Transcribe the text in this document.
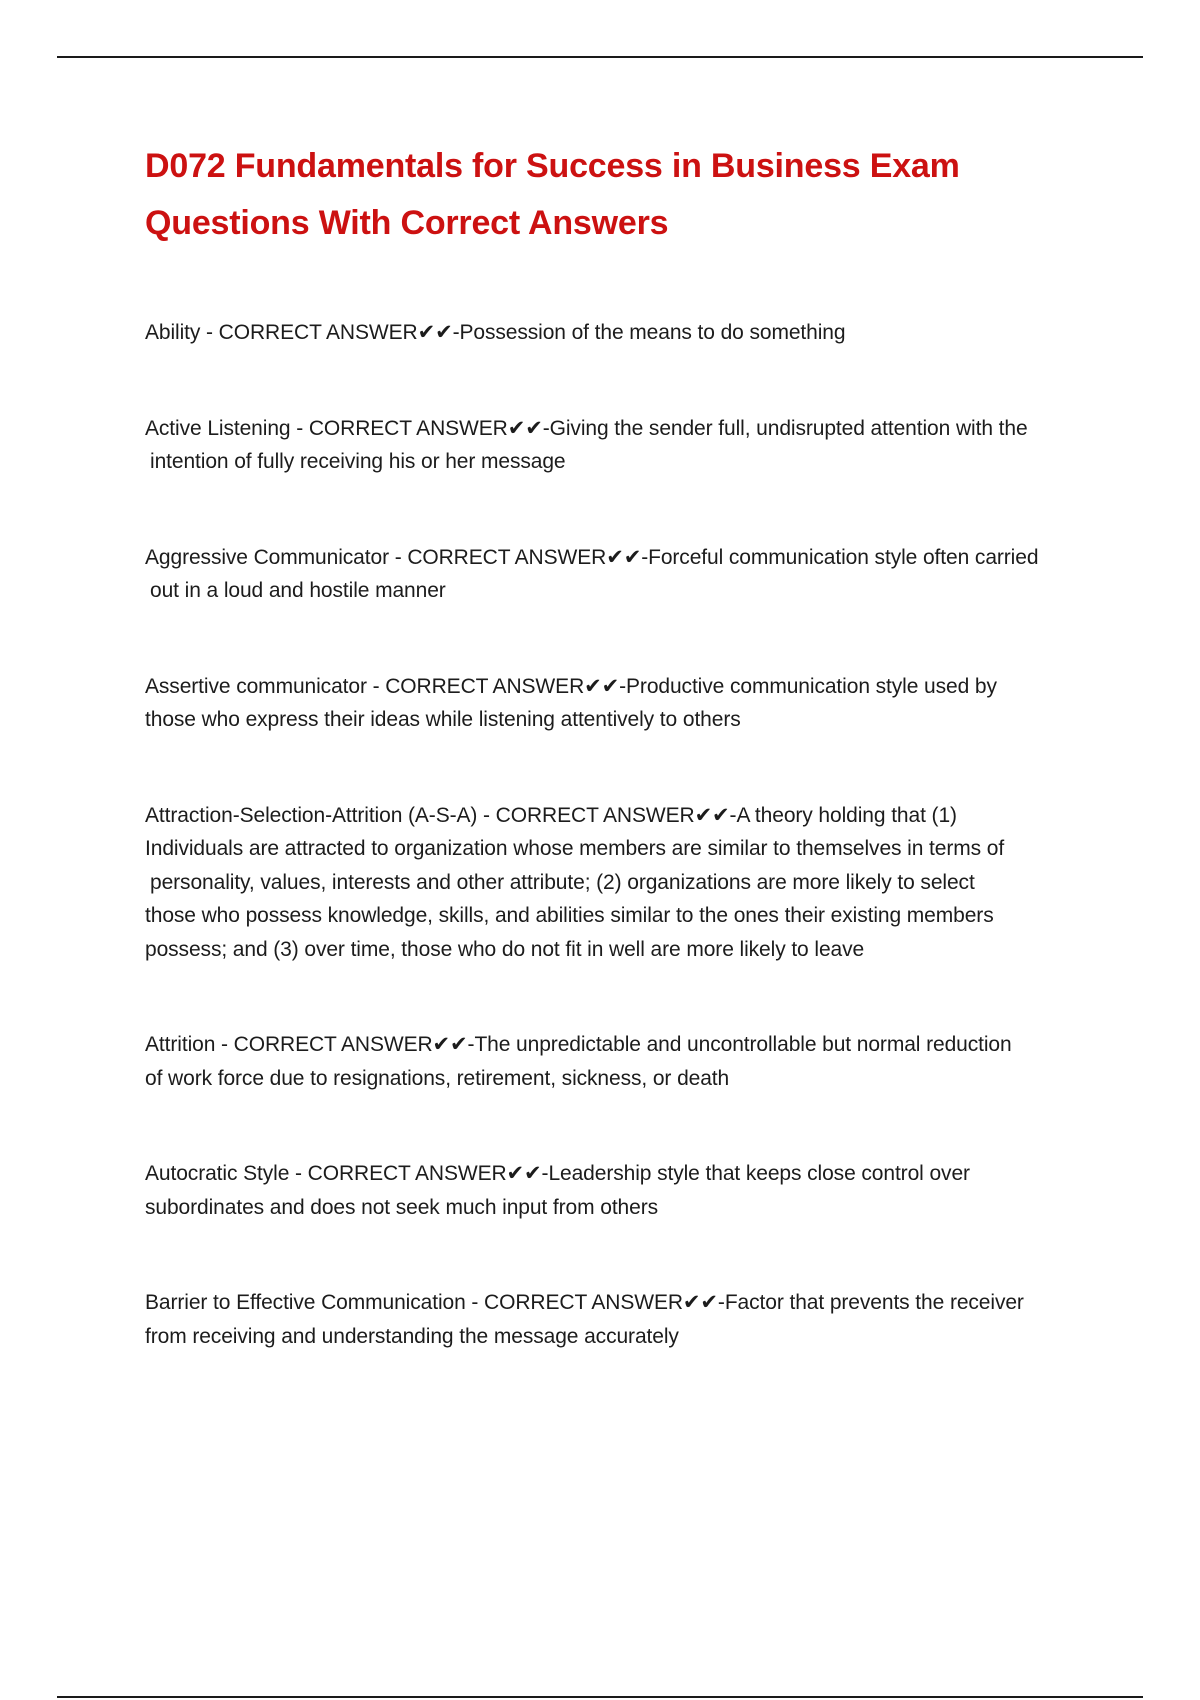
D072 Fundamentals for Success in Business Exam
Questions With Correct Answers

Ability - CORRECT ANSWER✔✔-Possession of the means to do something

Active Listening - CORRECT ANSWER✔✔-Giving the sender full, undisrupted attention with the
intention of fully receiving his or her message

Aggressive Communicator - CORRECT ANSWER✔✔-Forceful communication style often carried
out in a loud and hostile manner

Assertive communicator - CORRECT ANSWER✔✔-Productive communication style used by
those who express their ideas while listening attentively to others

Attraction-Selection-Attrition (A-S-A) - CORRECT ANSWER✔✔-A theory holding that (1)
Individuals are attracted to organization whose members are similar to themselves in terms of
personality, values, interests and other attribute; (2) organizations are more likely to select
those who possess knowledge, skills, and abilities similar to the ones their existing members
possess; and (3) over time, those who do not fit in well are more likely to leave

Attrition - CORRECT ANSWER✔✔-The unpredictable and uncontrollable but normal reduction
of work force due to resignations, retirement, sickness, or death

Autocratic Style - CORRECT ANSWER✔✔-Leadership style that keeps close control over
subordinates and does not seek much input from others

Barrier to Effective Communication - CORRECT ANSWER✔✔-Factor that prevents the receiver
from receiving and understanding the message accurately
